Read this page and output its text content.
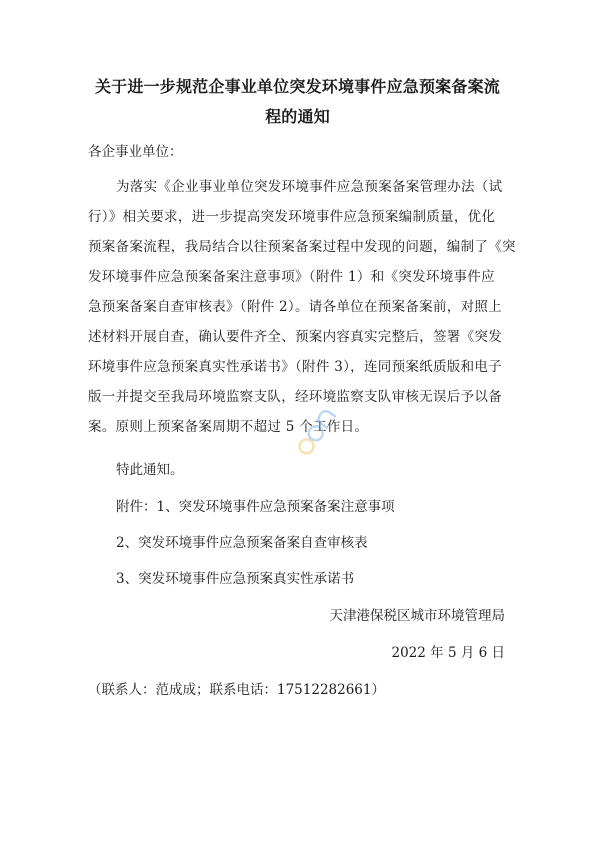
关于进一步规范企事业单位突发环境事件应急预案备案流
程的通知
各企事业单位：
为落实《企业事业单位突发环境事件应急预案备案管理办法（试
行）》相关要求，进一步提高突发环境事件应急预案编制质量，优化
预案备案流程，我局结合以往预案备案过程中发现的问题，编制了《突
发环境事件应急预案备案注意事项》（附件 1）和《突发环境事件应
急预案备案自查审核表》（附件 2）。请各单位在预案备案前，对照上
述材料开展自查，确认要件齐全、预案内容真实完整后，签署《突发
环境事件应急预案真实性承诺书》（附件 3），连同预案纸质版和电子
版一并提交至我局环境监察支队，经环境监察支队审核无误后予以备
案。原则上预案备案周期不超过 5 个工作日。
特此通知。
附件：1、突发环境事件应急预案备案注意事项
2、突发环境事件应急预案备案自查审核表
3、突发环境事件应急预案真实性承诺书
天津港保税区城市环境管理局
2022 年 5 月 6 日
（联系人：范成成；联系电话：17512282661）
